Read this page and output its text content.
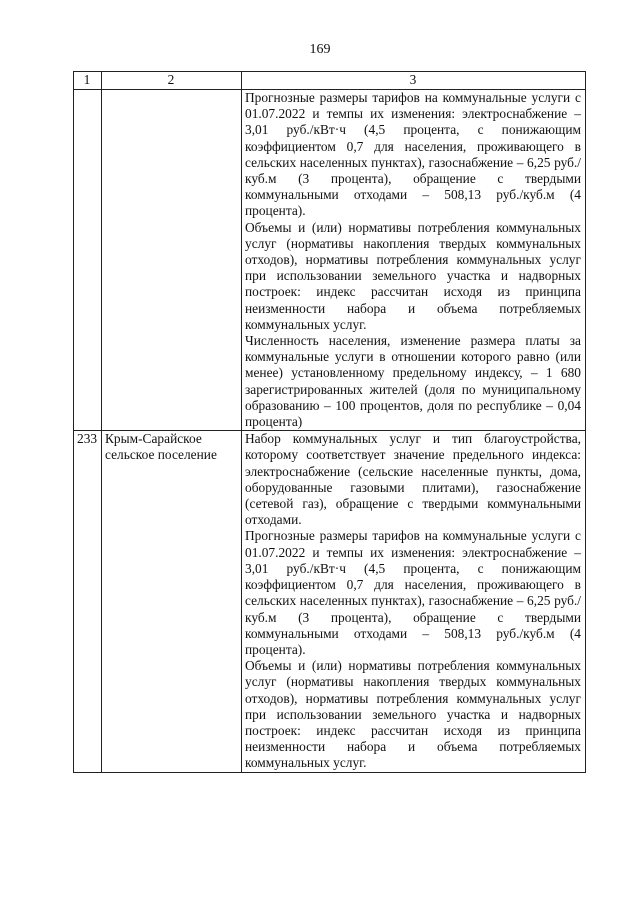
169
1	2	3

		Прогнозные размеры тарифов на коммунальные услуги с 01.07.2022 и темпы их изменения: электроснабжение – 3,01 руб./кВт·ч (4,5 процента, с понижающим коэффициентом 0,7 для населения, проживающего в сельских населенных пунктах), газоснабжение – 6,25 руб./куб.м (3 процента), обращение с твердыми коммунальными отходами – 508,13 руб./куб.м (4 процента).

Объемы и (или) нормативы потребления коммунальных услуг (нормативы накопления твердых коммунальных отходов), нормативы потребления коммунальных услуг при использовании земельного участка и надворных построек: индекс рассчитан исходя из принципа неизменности набора и объема потребляемых коммунальных услуг.

Численность населения, изменение размера платы за коммунальные услуги в отношении которого равно (или менее) установленному предельному индексу, – 1 680 зарегистрированных жителей (доля по муниципальному образованию – 100 процентов, доля по республике – 0,04 процента)

233	Крым-Сарайское сельское поселение	Набор коммунальных услуг и тип благоустройства, которому соответствует значение предельного индекса: электроснабжение (сельские населенные пункты, дома, оборудованные газовыми плитами), газоснабжение (сетевой газ), обращение с твердыми коммунальными отходами.

Прогнозные размеры тарифов на коммунальные услуги с 01.07.2022 и темпы их изменения: электроснабжение – 3,01 руб./кВт·ч (4,5 процента, с понижающим коэффициентом 0,7 для населения, проживающего в сельских населенных пунктах), газоснабжение – 6,25 руб./куб.м (3 процента), обращение с твердыми коммунальными отходами – 508,13 руб./куб.м (4 процента).

Объемы и (или) нормативы потребления коммунальных услуг (нормативы накопления твердых коммунальных отходов), нормативы потребления коммунальных услуг при использовании земельного участка и надворных построек: индекс рассчитан исходя из принципа неизменности набора и объема потребляемых коммунальных услуг.
